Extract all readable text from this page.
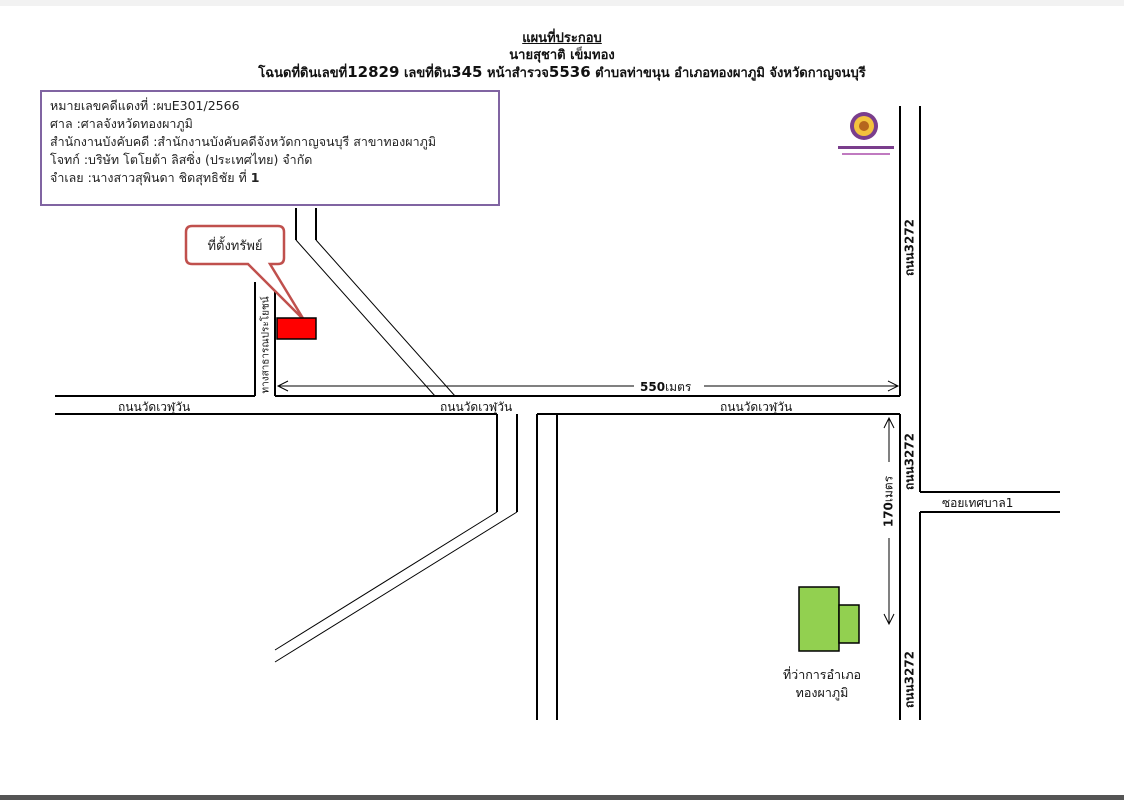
แผนที่ประกอบ
นายสุชาติ เข็มทอง
โฉนดที่ดินเลขที่12829 เลขที่ดิน345 หน้าสำรวจ5536 ตำบลท่าขนุน อำเภอทองผาภูมิ จังหวัดกาญจนบุรี
หมายเลขคดีแดงที่ :ผบE301/2566
ศาล :ศาลจังหวัดทองผาภูมิ
สำนักงานบังคับคดี :สำนักงานบังคับคดีจังหวัดกาญจนบุรี สาขาทองผาภูมิ
โจทก์ :บริษัท โตโยต้า ลิสซิ่ง (ประเทศไทย) จำกัด
จำเลย :นางสาวสุพินดา ชิดสุทธิชัย ที่ 1
ที่ตั้งทรัพย์
ถนนวัดเวฬุวัน	ถนนวัดเวฬุวัน	ถนนวัดเวฬุวัน
ซอยเทศบาล1
ถนน3272
ถนน3272
ถนน3272
ทางสาธารณประโยชน์	550เมตร
170เมตร
ที่ว่าการอำเภอ
ทองผาภูมิ
